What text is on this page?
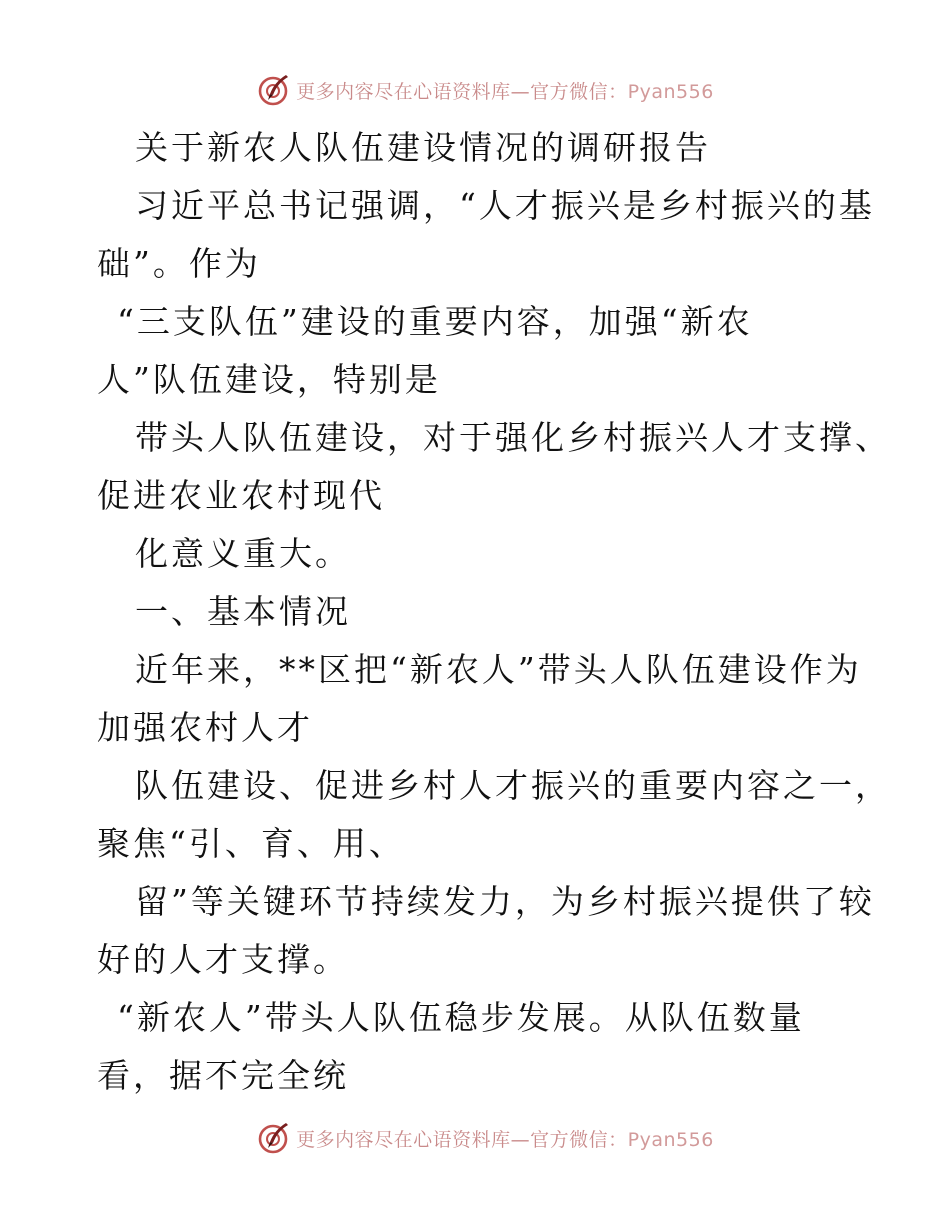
更多内容尽在心语资料库—官方微信：Pyan556
关于新农人队伍建设情况的调研报告
习近平总书记强调，“人才振兴是乡村振兴的基
础”。作为
“三支队伍”建设的重要内容，加强“新农
人”队伍建设，特别是
带头人队伍建设，对于强化乡村振兴人才支撑、
促进农业农村现代
化意义重大。
一、基本情况
近年来，**区把“新农人”带头人队伍建设作为
加强农村人才
队伍建设、促进乡村人才振兴的重要内容之一，
聚焦“引、育、用、
留”等关键环节持续发力，为乡村振兴提供了较
好的人才支撑。
“新农人”带头人队伍稳步发展。从队伍数量
看，据不完全统
更多内容尽在心语资料库—官方微信：Pyan556
